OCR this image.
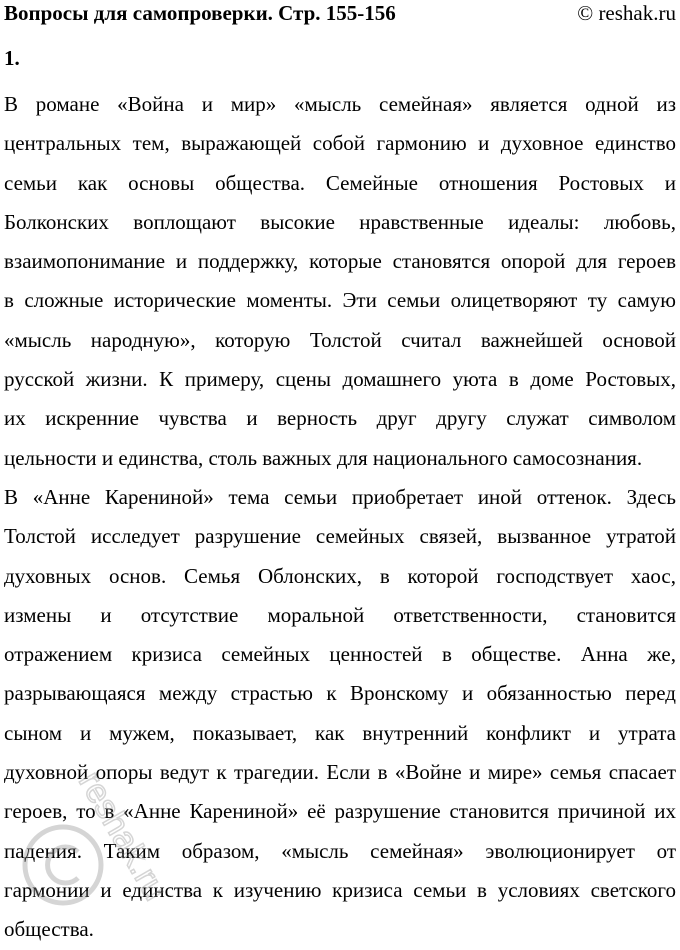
Вопросы для самопроверки. Стр. 155-156	© reshak.ru
1.
В романе «Война и мир» «мысль семейная» является одной из
центральных тем, выражающей собой гармонию и духовное единство
семьи как основы общества. Семейные отношения Ростовых и
Болконских воплощают высокие нравственные идеалы: любовь,
взаимопонимание и поддержку, которые становятся опорой для героев
в сложные исторические моменты. Эти семьи олицетворяют ту самую
«мысль народную», которую Толстой считал важнейшей основой
русской жизни. К примеру, сцены домашнего уюта в доме Ростовых,
их искренние чувства и верность друг другу служат символом
цельности и единства, столь важных для национального самосознания.
В «Анне Карениной» тема семьи приобретает иной оттенок. Здесь
Толстой исследует разрушение семейных связей, вызванное утратой
духовных основ. Семья Облонских, в которой господствует хаос,
измены и отсутствие моральной ответственности, становится
отражением кризиса семейных ценностей в обществе. Анна же,
разрывающаяся между страстью к Вронскому и обязанностью перед
сыном и мужем, показывает, как внутренний конфликт и утрата
духовной опоры ведут к трагедии. Если в «Войне и мире» семья спасает
героев, то в «Анне Карениной» её разрушение становится причиной их
падения. Таким образом, «мысль семейная» эволюционирует от
гармонии и единства к изучению кризиса семьи в условиях светского
общества.
reshak.ru
